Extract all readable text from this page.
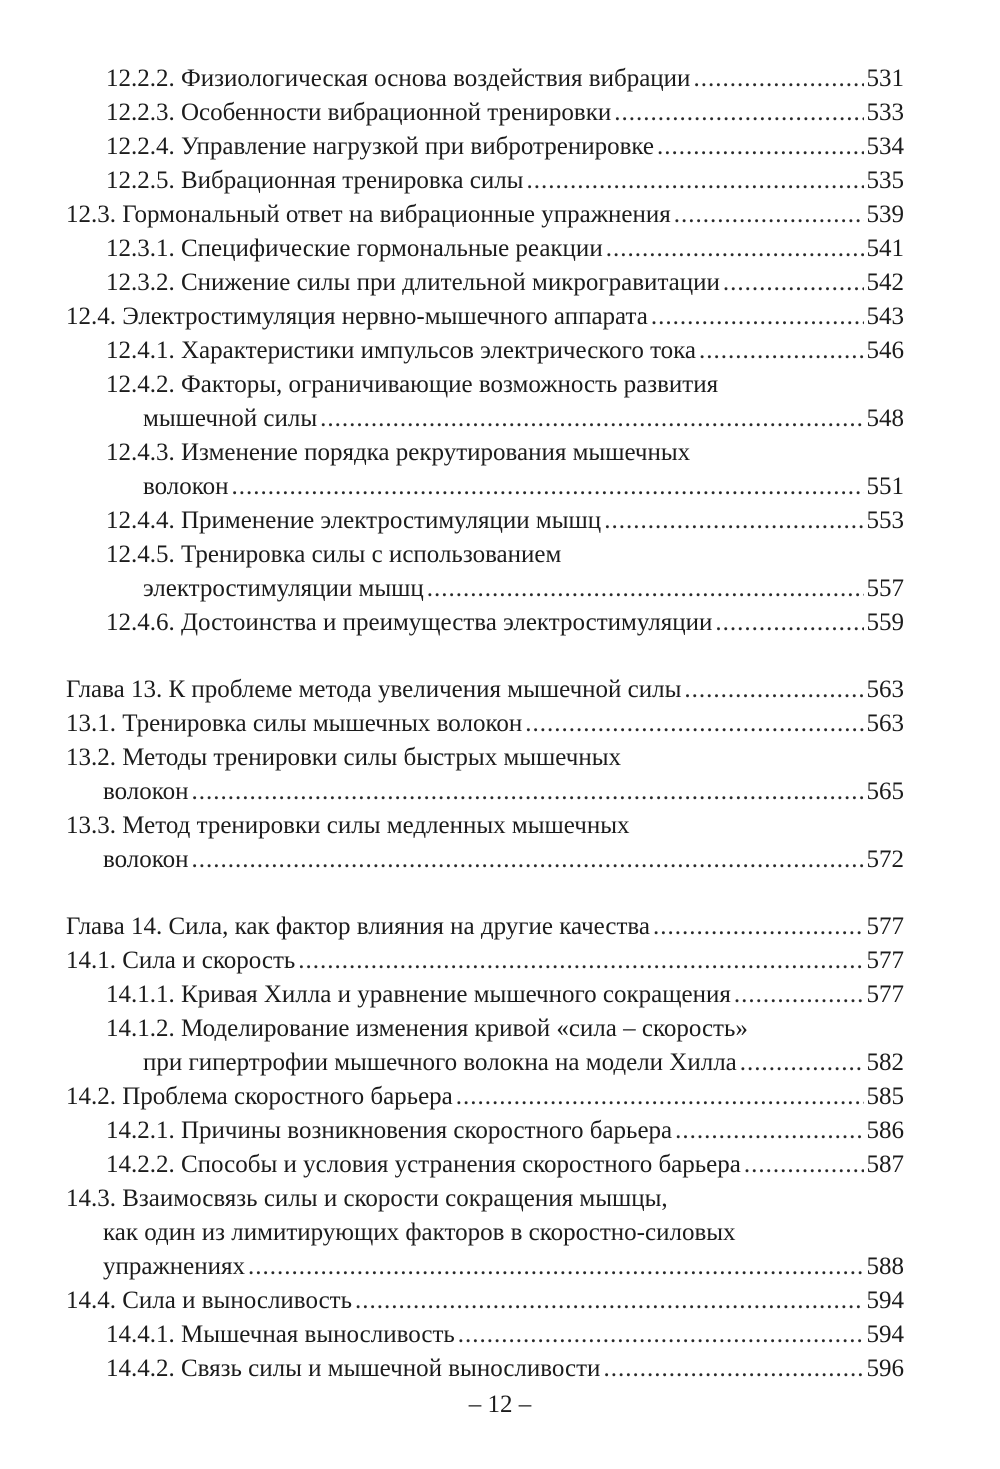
12.2.2. Физиологическая основа воздействия вибрации .....	531
12.2.3. Особенности вибрационной тренировки .....	533
12.2.4. Управление нагрузкой при вибротренировке .....	534
12.2.5. Вибрационная тренировка силы .....	535
12.3. Гормональный ответ на вибрационные упражнения .....	539
12.3.1. Специфические гормональные реакции .....	541
12.3.2. Снижение силы при длительной микрогравитации .....	542
12.4. Электростимуляция нервно-мышечного аппарата .....	543
12.4.1. Характеристики импульсов электрического тока .....	546
12.4.2. Факторы, ограничивающие возможность развития
мышечной силы .....	548
12.4.3. Изменение порядка рекрутирования мышечных
волокон .....	551
12.4.4. Применение электростимуляции мышц .....	553
12.4.5. Тренировка силы с использованием
электростимуляции мышц .....	557
12.4.6. Достоинства и преимущества электростимуляции .....	559
Глава 13. К проблеме метода увеличения мышечной силы .....	563
13.1. Тренировка силы мышечных волокон .....	563
13.2. Методы тренировки силы быстрых мышечных
волокон .....	565
13.3. Метод тренировки силы медленных мышечных
волокон .....	572
Глава 14. Сила, как фактор влияния на другие качества .....	577
14.1. Сила и скорость .....	577
14.1.1. Кривая Хилла и уравнение мышечного сокращения .....	577
14.1.2. Моделирование изменения кривой «сила – скорость»
при гипертрофии мышечного волокна на модели Хилла .....	582
14.2. Проблема скоростного барьера .....	585
14.2.1. Причины возникновения скоростного барьера .....	586
14.2.2. Способы и условия устранения скоростного барьера .....	587
14.3. Взаимосвязь силы и скорости сокращения мышцы,
как один из лимитирующих факторов в скоростно-силовых
упражнениях .....	588
14.4. Сила и выносливость .....	594
14.4.1. Мышечная выносливость .....	594
14.4.2. Связь силы и мышечной выносливости .....	596
– 12 –
